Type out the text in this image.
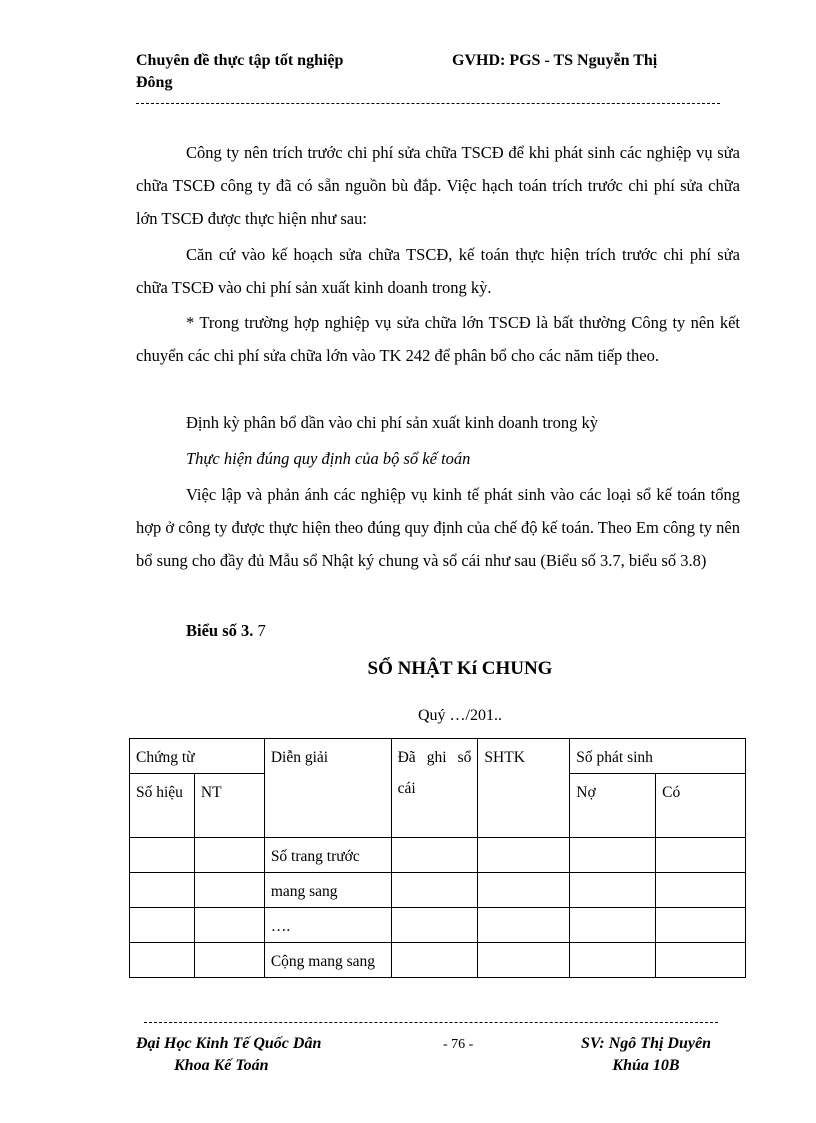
Chuyên đề thực tập tốt nghiệp
Đông
GVHD: PGS - TS Nguyễn Thị

Công ty nên trích trước chi phí sửa chữa TSCĐ để khi phát sinh các nghiệp vụ sửa chữa TSCĐ công ty đã có sẵn nguồn bù đắp. Việc hạch toán trích trước chi phí sửa chữa lớn TSCĐ được thực hiện như sau:

Căn cứ vào kế hoạch sửa chữa TSCĐ, kế toán thực hiện trích trước chi phí sửa chữa TSCĐ vào chi phí sản xuất kinh doanh trong kỳ.

* Trong trường hợp nghiệp vụ sửa chữa lớn TSCĐ là bất thường Công ty nên kết chuyển các chi phí sửa chữa lớn vào TK 242 để phân bổ cho các năm tiếp theo.

Định kỳ phân bổ dần vào chi phí sản xuất kinh doanh trong kỳ

Thực hiện đúng quy định của bộ sổ kế toán

Việc lập và phản ánh các nghiệp vụ kinh tế phát sinh vào các loại sổ kế toán tổng hợp ở công ty được thực hiện theo đúng quy định của chế độ kế toán. Theo Em công ty nên bổ sung cho đầy đủ Mẫu sổ Nhật ký chung và sổ cái như sau (Biểu số 3.7, biểu số 3.8)

Biểu số 3. 7

SỔ NHẬT Kí CHUNG
Quý …/201..
Chứng từ		Diễn giải	Đã ghi sổ cái	SHTK	Số phát sinh	
Số hiệu	NT				Nợ	Có
		Số trang trước				
		mang sang				
		….				
		Cộng mang sang				
Đại Học Kinh Tế Quốc Dân
Khoa Kế Toán
- 76 -	SV: Ngô Thị Duyên
Khúa 10B
